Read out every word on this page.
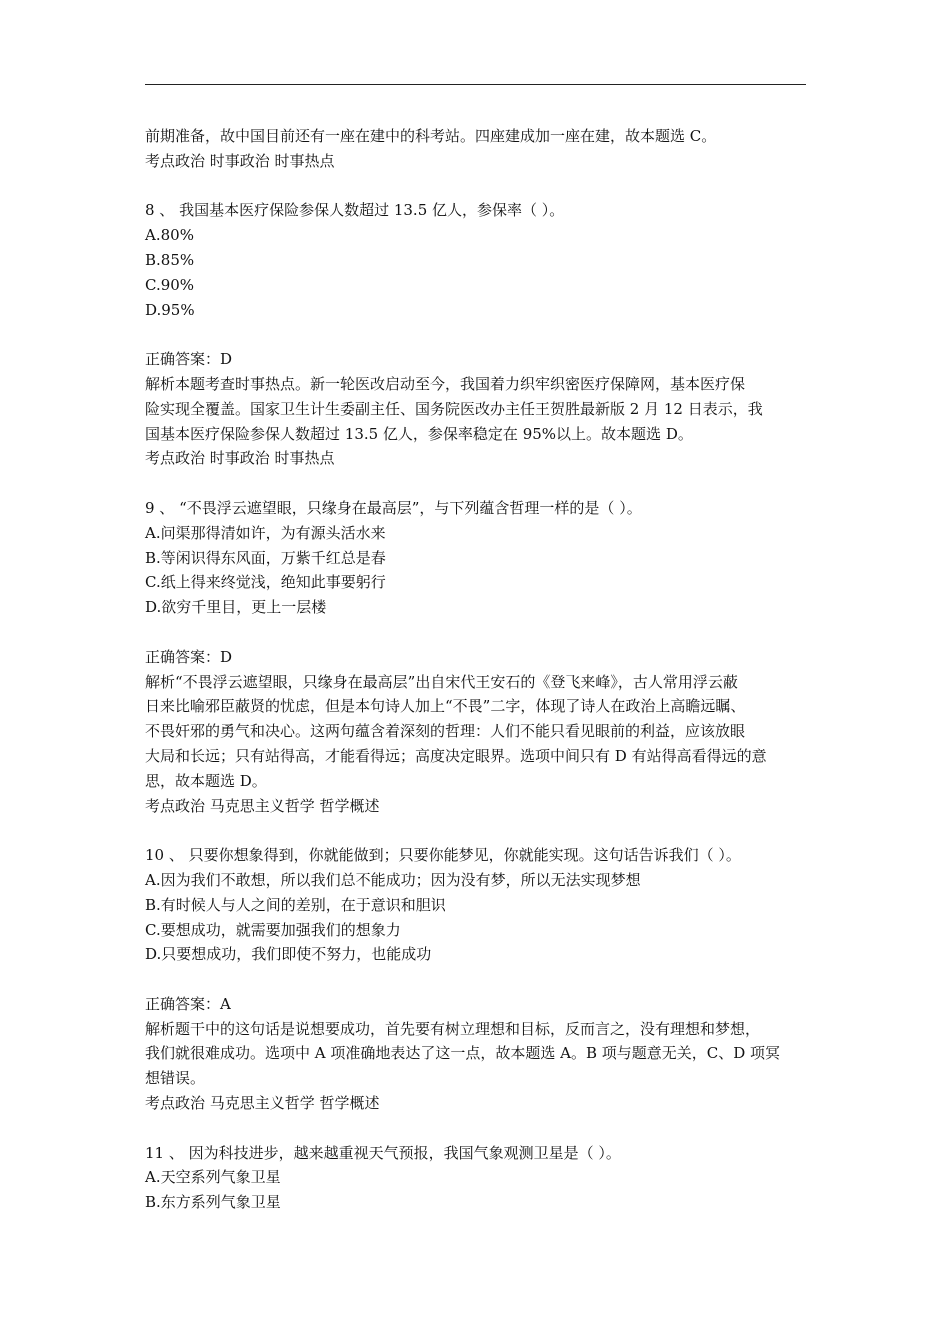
前期准备，故中国目前还有一座在建中的科考站。四座建成加一座在建，故本题选 C。
考点政治 时事政治 时事热点
8 、 我国基本医疗保险参保人数超过 13.5 亿人，参保率（ ）。
A.80%
B.85%
C.90%
D.95%
正确答案：D
解析本题考查时事热点。新一轮医改启动至今，我国着力织牢织密医疗保障网，基本医疗保
险实现全覆盖。国家卫生计生委副主任、国务院医改办主任王贺胜最新版 2 月 12 日表示，我
国基本医疗保险参保人数超过 13.5 亿人，参保率稳定在 95%以上。故本题选 D。
考点政治 时事政治 时事热点
9 、 “不畏浮云遮望眼，只缘身在最高层”，与下列蕴含哲理一样的是（ ）。
A.问渠那得清如许，为有源头活水来
B.等闲识得东风面，万紫千红总是春
C.纸上得来终觉浅，绝知此事要躬行
D.欲穷千里目，更上一层楼
正确答案：D
解析“不畏浮云遮望眼，只缘身在最高层”出自宋代王安石的《登飞来峰》，古人常用浮云蔽
日来比喻邪臣蔽贤的忧虑，但是本句诗人加上“不畏”二字，体现了诗人在政治上高瞻远瞩、
不畏奸邪的勇气和决心。这两句蕴含着深刻的哲理：人们不能只看见眼前的利益，应该放眼
大局和长远；只有站得高，才能看得远；高度决定眼界。选项中间只有 D 有站得高看得远的意
思，故本题选 D。
考点政治 马克思主义哲学 哲学概述
10 、 只要你想象得到，你就能做到；只要你能梦见，你就能实现。这句话告诉我们（ ）。
A.因为我们不敢想，所以我们总不能成功；因为没有梦，所以无法实现梦想
B.有时候人与人之间的差别，在于意识和胆识
C.要想成功，就需要加强我们的想象力
D.只要想成功，我们即使不努力，也能成功
正确答案：A
解析题干中的这句话是说想要成功，首先要有树立理想和目标，反而言之，没有理想和梦想，
我们就很难成功。选项中 A 项准确地表达了这一点，故本题选 A。B 项与题意无关，C、D 项冥
想错误。
考点政治 马克思主义哲学 哲学概述
11 、 因为科技进步，越来越重视天气预报，我国气象观测卫星是（ ）。
A.天空系列气象卫星
B.东方系列气象卫星
